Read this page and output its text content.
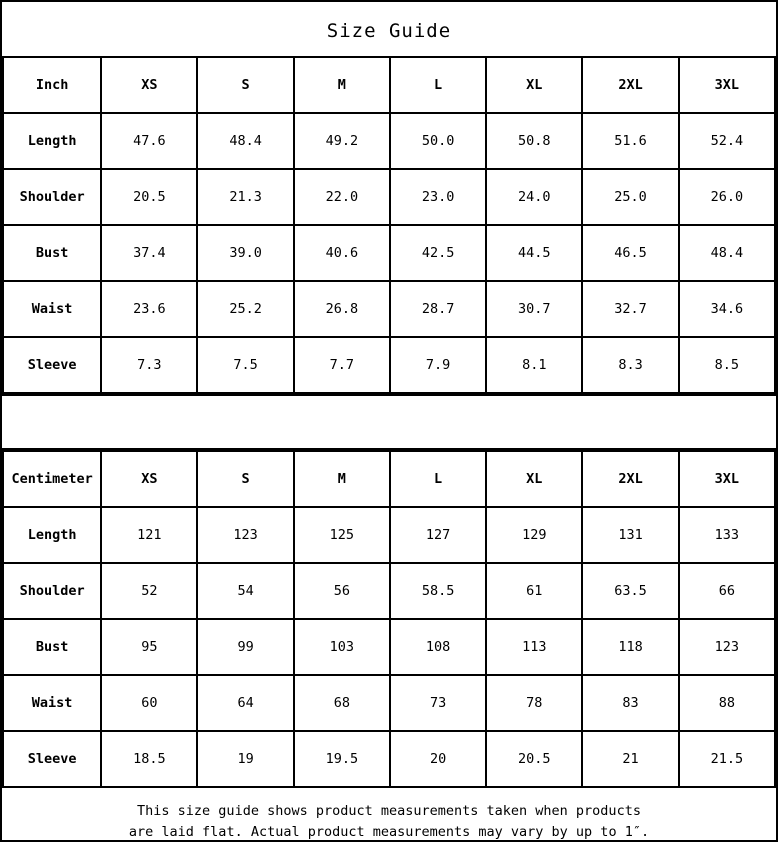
Size Guide
Inch	XS	S	M	L	XL	2XL	3XL
Length	47.6	48.4	49.2	50.0	50.8	51.6	52.4
Shoulder	20.5	21.3	22.0	23.0	24.0	25.0	26.0
Bust	37.4	39.0	40.6	42.5	44.5	46.5	48.4
Waist	23.6	25.2	26.8	28.7	30.7	32.7	34.6
Sleeve	7.3	7.5	7.7	7.9	8.1	8.3	8.5
Centimeter	XS	S	M	L	XL	2XL	3XL
Length	121	123	125	127	129	131	133
Shoulder	52	54	56	58.5	61	63.5	66
Bust	95	99	103	108	113	118	123
Waist	60	64	68	73	78	83	88
Sleeve	18.5	19	19.5	20	20.5	21	21.5
This size guide shows product measurements taken when products
are laid flat. Actual product measurements may vary by up to 1″.
